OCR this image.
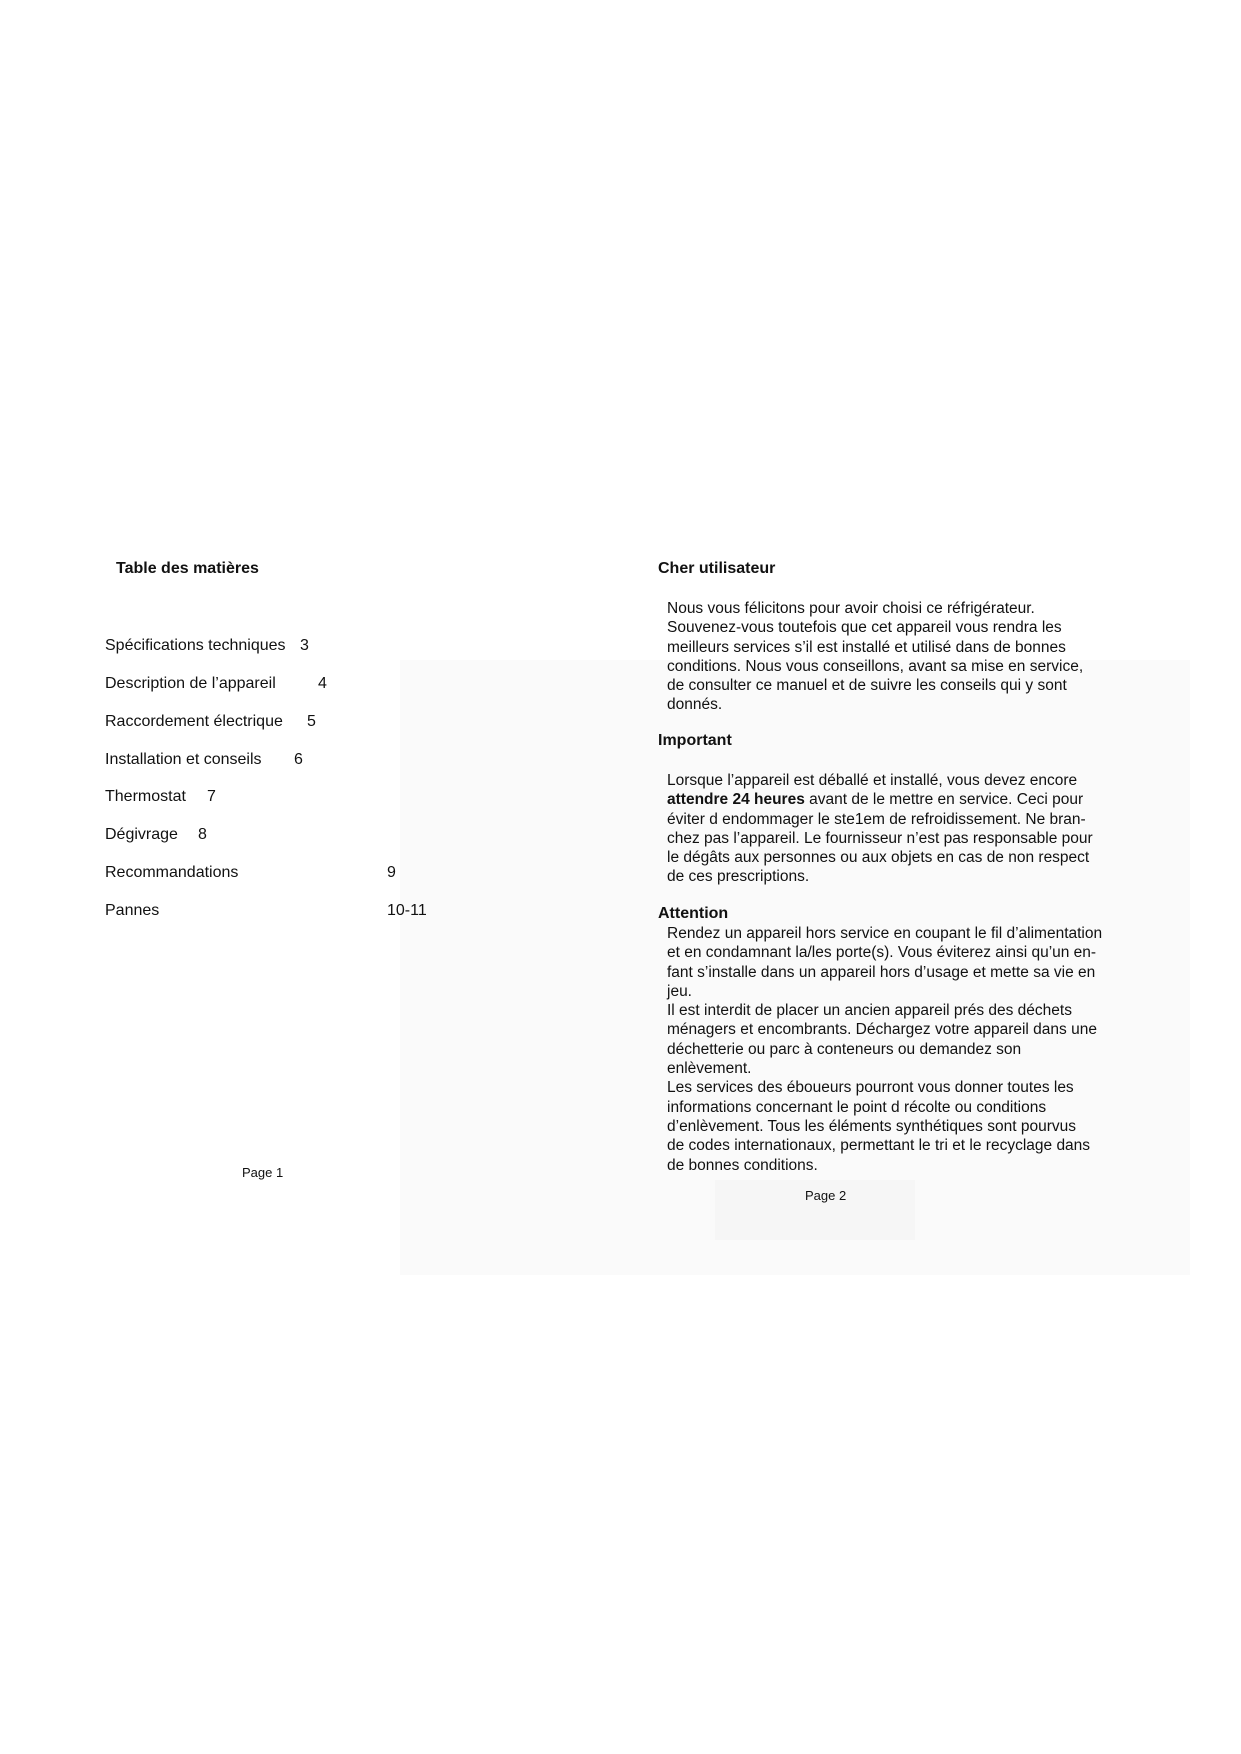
Table des matières
Spécifications techniques 3
Description de l’appareil	4
Raccordement électrique 5
Installation et conseils 6
Thermostat 7
Dégivrage 8
Recommandations	9
Pannes	10-11
Page 1
Cher utilisateur

Nous vous félicitons pour avoir choisi ce réfrigérateur.

Souvenez-vous toutefois que cet appareil vous rendra les

meilleurs services s’il est installé et utilisé dans de bonnes

conditions. Nous vous conseillons, avant sa mise en service,

de consulter ce manuel et de suivre les conseils qui y sont

donnés.

Important

Lorsque l’appareil est déballé et installé, vous devez encore

attendre 24 heures avant de le mettre en service. Ceci pour

éviter d endommager le ste1em de refroidissement. Ne bran-

chez pas l’appareil. Le fournisseur n’est pas responsable pour

le dégâts aux personnes ou aux objets en cas de non respect

de ces prescriptions.

Attention

Rendez un appareil hors service en coupant le fil d’alimentation

et en condamnant la/les porte(s). Vous éviterez ainsi qu’un en-

fant s’installe dans un appareil hors d’usage et mette sa vie en

jeu.

Il est interdit de placer un ancien appareil prés des déchets

ménagers et encombrants. Déchargez votre appareil dans une

déchetterie ou parc à conteneurs ou demandez son

enlèvement.

Les services des éboueurs pourront vous donner toutes les

informations concernant le point d récolte ou conditions

d’enlèvement. Tous les éléments synthétiques sont pourvus

de codes internationaux, permettant le tri et le recyclage dans

de bonnes conditions.

Page 2
